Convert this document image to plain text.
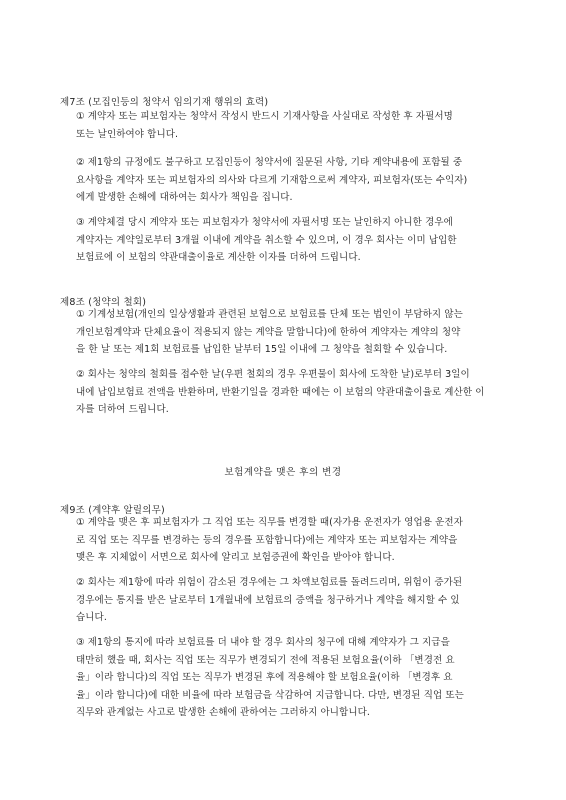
제7조 (모집인등의 청약서 임의기재 행위의 효력)
① 계약자 또는 피보험자는 청약서 작성시 반드시 기재사항을 사실대로 작성한 후 자필서명
또는 날인하여야 합니다.
② 제1항의 규정에도 불구하고 모집인등이 청약서에 질문된 사항, 기타 계약내용에 포함될 중
요사항을 계약자 또는 피보험자의 의사와 다르게 기재함으로써 계약자, 피보험자(또는 수익자)
에게 발생한 손해에 대하여는 회사가 책임을 집니다.
③ 계약체결 당시 계약자 또는 피보험자가 청약서에 자필서명 또는 날인하지 아니한 경우에
계약자는 계약일로부터 3개월 이내에 계약을 취소할 수 있으며, 이 경우 회사는 이미 납입한
보험료에 이 보험의 약관대출이율로 계산한 이자를 더하여 드립니다.
제8조 (청약의 철회)
① 기계성보험(개인의 일상생활과 관련된 보험으로 보험료를 단체 또는 법인이 부담하지 않는
개인보험계약과 단체요율이 적용되지 않는 계약을 말합니다)에 한하여 계약자는 계약의 청약
을 한 날 또는 제1회 보험료를 납입한 날부터 15일 이내에 그 청약을 철회할 수 있습니다.
② 회사는 청약의 철회를 접수한 날(우편 철회의 경우 우편물이 회사에 도착한 날)로부터 3일이
내에 납입보험료 전액을 반환하며, 반환기일을 경과한 때에는 이 보험의 약관대출이율로 계산한 이
자를 더하여 드립니다.
보험계약을 맺은 후의 변경
제9조 (계약후 알릴의무)
① 계약을 맺은 후 피보험자가 그 직업 또는 직무를 변경할 때(자가용 운전자가 영업용 운전자
로 직업 또는 직무를 변경하는 등의 경우를 포함합니다)에는 계약자 또는 피보험자는 계약을
맺은 후 지체없이 서면으로 회사에 알리고 보험증권에 확인을 받아야 합니다.
② 회사는 제1항에 따라 위험이 감소된 경우에는 그 차액보험료를 돌려드리며, 위험이 증가된
경우에는 통지를 받은 날로부터 1개월내에 보험료의 증액을 청구하거나 계약을 해지할 수 있
습니다.
③ 제1항의 통지에 따라 보험료를 더 내야 할 경우 회사의 청구에 대해 계약자가 그 지급을
태만히 했을 때, 회사는 직업 또는 직무가 변경되기 전에 적용된 보험요율(이하 「변경전 요
율」이라 합니다)의 직업 또는 직무가 변경된 후에 적용해야 할 보험요율(이하 「변경후 요
율」이라 합니다)에 대한 비율에 따라 보험금을 삭감하여 지급합니다. 다만, 변경된 직업 또는
직무와 관계없는 사고로 발생한 손해에 관하여는 그러하지 아니합니다.
